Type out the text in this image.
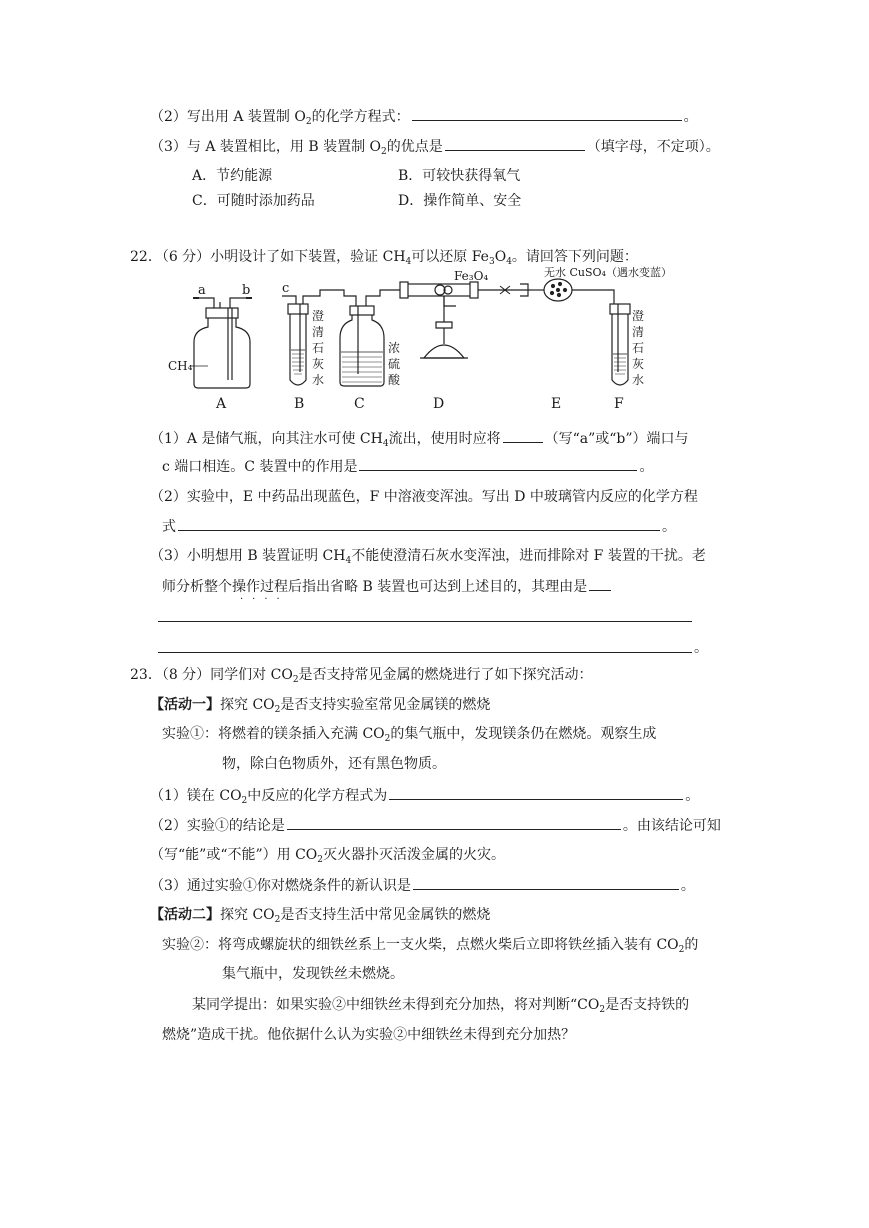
（2）写出用 A 装置制 $O_2$的化学方程式：	。
（3）与 A 装置相比，用 B 装置制 $O_2$的优点是	（填字母，不定项）。
A．节约能源	B．可较快获得氧气
C．可随时添加药品	D．操作简单、安全
22．（6 分）小明设计了如下装置，验证 $CH_4$可以还原 $Fe_3O_4$。请回答下列问题：
a	b c
CH₄
Fe₃O₄	无水 CuSO₄（遇水变蓝）
澄
清
石
灰
水
浓
硫
酸
澄
清
石
灰
水
A	B	C	D	E	F
（1）A 是储气瓶，向其注水可使 $CH_4$流出，使用时应将	（写“a”或“b”）端口与
c 端口相连。C 装置中的作用是	。
（2）实验中，E 中药品出现蓝色，F 中溶液变浑浊。写出 D 中玻璃管内反应的化学方程
式	。
（3）小明想用 B 装置证明 $CH_4$不能使澄清石灰水变浑浊，进而排除对 F 装置的干扰。老
师分析整个操作过程后指出省略 B 装置也可达到上述目的，其理由是
····
。
23．（8 分）同学们对 $CO_2$是否支持常见金属的燃烧进行了如下探究活动：
【活动一】探究 $CO_2$是否支持实验室常见金属镁的燃烧
实验①：将燃着的镁条插入充满 $CO_2$的集气瓶中，发现镁条仍在燃烧。观察生成
物，除白色物质外，还有黑色物质。
（1）镁在 $CO_2$中反应的化学方程式为	。
（2）实验①的结论是	。由该结论可知
（写“能”或“不能”）用 $CO_2$灭火器扑灭活泼金属的火灾。
（3）通过实验①你对燃烧条件的新认识是	。
【活动二】探究 $CO_2$是否支持生活中常见金属铁的燃烧
实验②：将弯成螺旋状的细铁丝系上一支火柴，点燃火柴后立即将铁丝插入装有 $CO_2$的
集气瓶中，发现铁丝未燃烧。
某同学提出：如果实验②中细铁丝未得到充分加热，将对判断“$CO_2$是否支持铁的
燃烧”造成干扰。他依据什么认为实验②中细铁丝未得到充分加热？
